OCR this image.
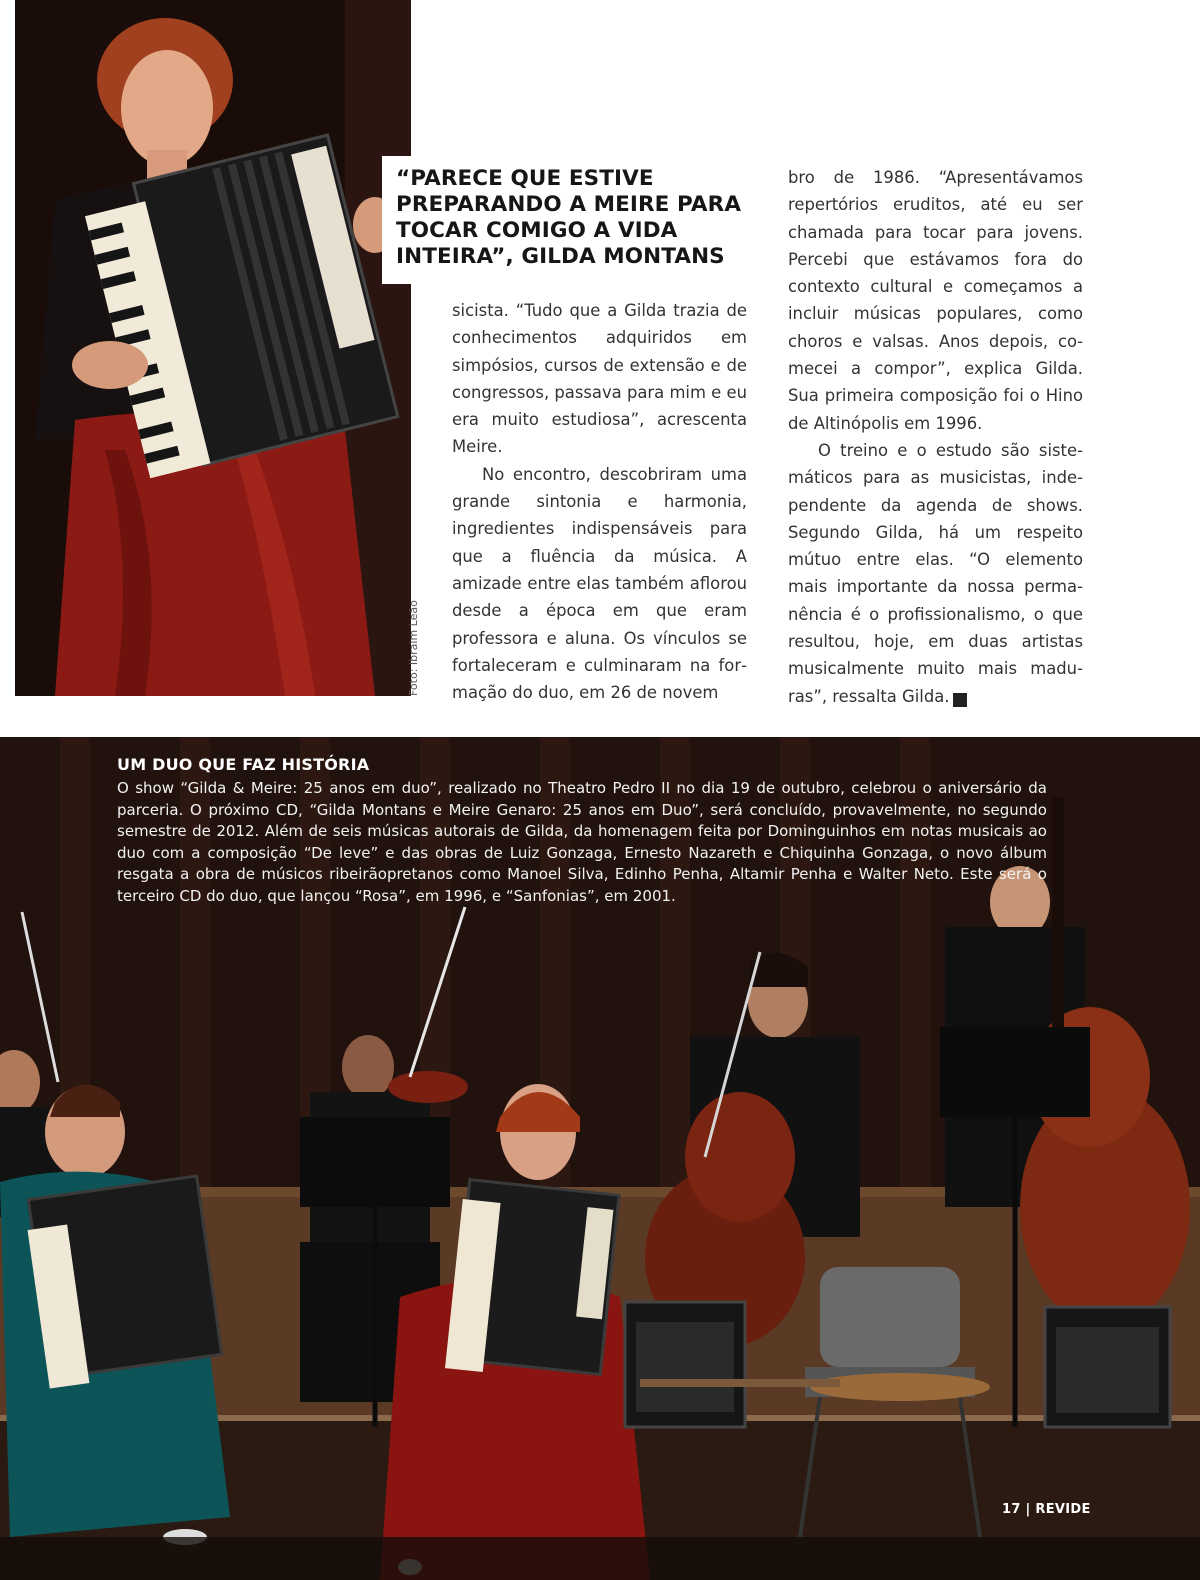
Foto: Ibraim Leão
“PARECE QUE ESTIVE PREPARANDO A MEIRE PARA TOCAR COMIGO A VIDA INTEIRA”, GILDA MONTANS

sicista. “Tudo que a Gilda trazia de conhecimentos adquiridos em simpósios, cursos de extensão e de congressos, passava para mim e eu era muito estudiosa”, acrescenta Meire.

No encontro, descobriram uma grande sintonia e harmonia, ingredientes indispensáveis para que a fluência da música. A amizade entre elas também aflorou desde a época em que eram professora e aluna. Os vínculos se fortaleceram e culminaram na formação do duo, em 26 de novem

bro de 1986. “Apresentávamos repertórios eruditos, até eu ser chamada para tocar para jovens. Percebi que estávamos fora do contexto cultural e começamos a incluir músicas populares, como choros e valsas. Anos depois, comecei a compor”, explica Gilda. Sua primeira composição foi o Hino de Altinópolis em 1996.

O treino e o estudo são sistemáticos para as musicistas, independente da agenda de shows. Segundo Gilda, há um respeito mútuo entre elas. “O elemento mais importante da nossa permanência é o profissionalismo, o que resultou, hoje, em duas artistas musicalmente muito mais maduras”, ressalta Gilda.	r

UM DUO QUE FAZ HISTÓRIA
O show “Gilda & Meire: 25 anos em duo”, realizado no Theatro Pedro II no dia 19 de outubro, celebrou o aniversário da parceria. O próximo CD, “Gilda Montans e Meire Genaro: 25 anos em Duo”, será concluído, provavelmente, no segundo semestre de 2012. Além de seis músicas autorais de Gilda, da homenagem feita por Dominguinhos em notas musicais ao duo com a composição “De leve” e das obras de Luiz Gonzaga, Ernesto Nazareth e Chiquinha Gonzaga, o novo álbum resgata a obra de músicos ribeirãopretanos como Manoel Silva, Edinho Penha, Altamir Penha e Walter Neto. Este será o terceiro CD do duo, que lançou “Rosa”, em 1996, e “Sanfonias”, em 2001.
17 | REVIDE
